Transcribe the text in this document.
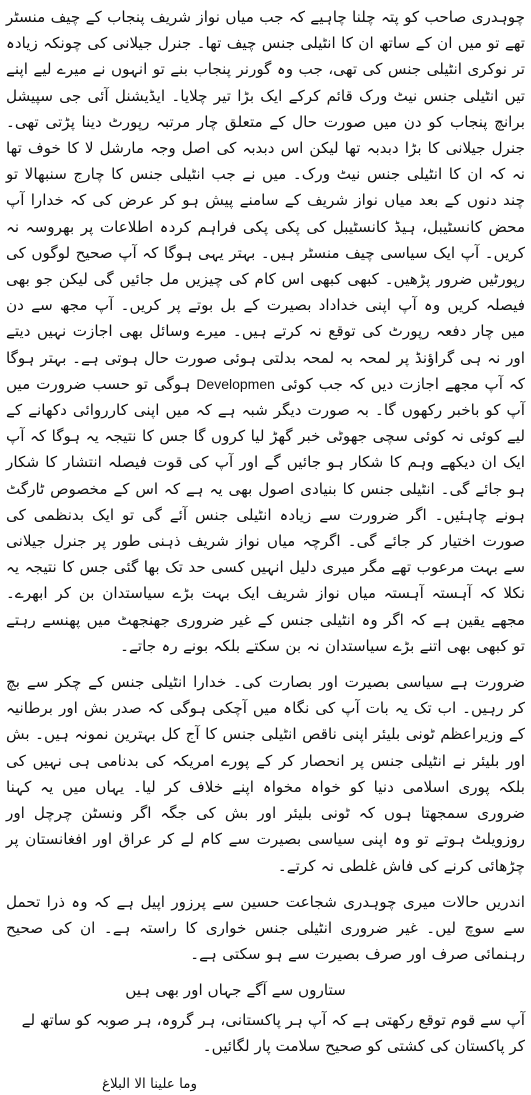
چوہدری صاحب کو پتہ چلنا چاہیے کہ جب میاں نواز شریف پنجاب کے چیف منسٹر تھے تو میں ان کے ساتھ ان کا انٹیلی جنس چیف تھا۔ جنرل جیلانی کی چونکہ زیادہ تر نوکری انٹیلی جنس کی تھی، جب وہ گورنر پنجاب بنے تو انہوں نے میرے لیے اپنے تیں انٹیلی جنس نیٹ ورک قائم کرکے ایک بڑا تیر چلایا۔ ایڈیشنل آئی جی سپیشل برانچ پنجاب کو دن میں صورت حال کے متعلق چار مرتبہ رپورٹ دینا پڑتی تھی۔ جنرل جیلانی کا بڑا دبدبہ تھا لیکن اس دبدبہ کی اصل وجہ مارشل لا کا خوف تھا نہ کہ ان کا انٹیلی جنس نیٹ ورک۔ میں نے جب انٹیلی جنس کا چارج سنبھالا تو چند دنوں کے بعد میاں نواز شریف کے سامنے پیش ہو کر عرض کی کہ خدارا آپ محض کانسٹیبل، ہیڈ کانسٹیبل کی پکی پکی فراہم کردہ اطلاعات پر بھروسہ نہ کریں۔ آپ ایک سیاسی چیف منسٹر ہیں۔ بہتر یہی ہوگا کہ آپ صحیح لوگوں کی رپورٹیں ضرور پڑھیں۔ کبھی کبھی اس کام کی چیزیں مل جائیں گی لیکن جو بھی فیصلہ کریں وہ آپ اپنی خداداد بصیرت کے بل بوتے پر کریں۔ آپ مجھ سے دن میں چار دفعہ رپورٹ کی توقع نہ کرتے ہیں۔ میرے وسائل بھی اجازت نہیں دیتے اور نہ ہی گراؤنڈ پر لمحہ بہ لمحہ بدلتی ہوئی صورت حال ہوتی ہے۔ بہتر ہوگا کہ آپ مجھے اجازت دیں کہ جب کوئی Developmen ہوگی تو حسب ضرورت میں آپ کو باخبر رکھوں گا۔ بہ صورت دیگر شبہ ہے کہ میں اپنی کارروائی دکھانے کے لیے کوئی نہ کوئی سچی جھوٹی خبر گھڑ لیا کروں گا جس کا نتیجہ یہ ہوگا کہ آپ ایک ان دیکھے وہم کا شکار ہو جائیں گے اور آپ کی قوت فیصلہ انتشار کا شکار ہو جائے گی۔ انٹیلی جنس کا بنیادی اصول بھی یہ ہے کہ اس کے مخصوص ٹارگٹ ہونے چاہئیں۔ اگر ضرورت سے زیادہ انٹیلی جنس آئے گی تو ایک بدنظمی کی صورت اختیار کر جائے گی۔ اگرچہ میاں نواز شریف ذہنی طور پر جنرل جیلانی سے بہت مرعوب تھے مگر میری دلیل انہیں کسی حد تک بھا گئی جس کا نتیجہ یہ نکلا کہ آہستہ آہستہ میاں نواز شریف ایک بہت بڑے سیاستدان بن کر ابھرے۔ مجھے یقین ہے کہ اگر وہ انٹیلی جنس کے غیر ضروری جھنجھٹ میں پھنسے رہتے تو کبھی بھی اتنے بڑے سیاستدان نہ بن سکتے بلکہ بونے رہ جاتے۔

ضرورت ہے سیاسی بصیرت اور بصارت کی۔ خدارا انٹیلی جنس کے چکر سے بچ کر رہیں۔ اب تک یہ بات آپ کی نگاہ میں آچکی ہوگی کہ صدر بش اور برطانیہ کے وزیراعظم ٹونی بلیئر اپنی ناقص انٹیلی جنس کا آج کل بہترین نمونہ ہیں۔ بش اور بلیئر نے انٹیلی جنس پر انحصار کر کے پورے امریکہ کی بدنامی ہی نہیں کی بلکہ پوری اسلامی دنیا کو خواہ مخواہ اپنے خلاف کر لیا۔ یہاں میں یہ کہنا ضروری سمجھتا ہوں کہ ٹونی بلیئر اور بش کی جگہ اگر ونسٹن چرچل اور روزویلٹ ہوتے تو وہ اپنی سیاسی بصیرت سے کام لے کر عراق اور افغانستان پر چڑھائی کرنے کی فاش غلطی نہ کرتے۔

اندریں حالات میری چوہدری شجاعت حسین سے پرزور اپیل ہے کہ وہ ذرا تحمل سے سوچ لیں۔ غیر ضروری انٹیلی جنس خواری کا راستہ ہے۔ ان کی صحیح رہنمائی صرف اور صرف بصیرت سے ہو سکتی ہے۔

ستاروں سے آگے جہاں اور بھی ہیں

آپ سے قوم توقع رکھتی ہے کہ آپ ہر پاکستانی، ہر گروہ، ہر صوبہ کو ساتھ لے کر پاکستان کی کشتی کو صحیح سلامت پار لگائیں۔

وما علینا الا البلاغ
